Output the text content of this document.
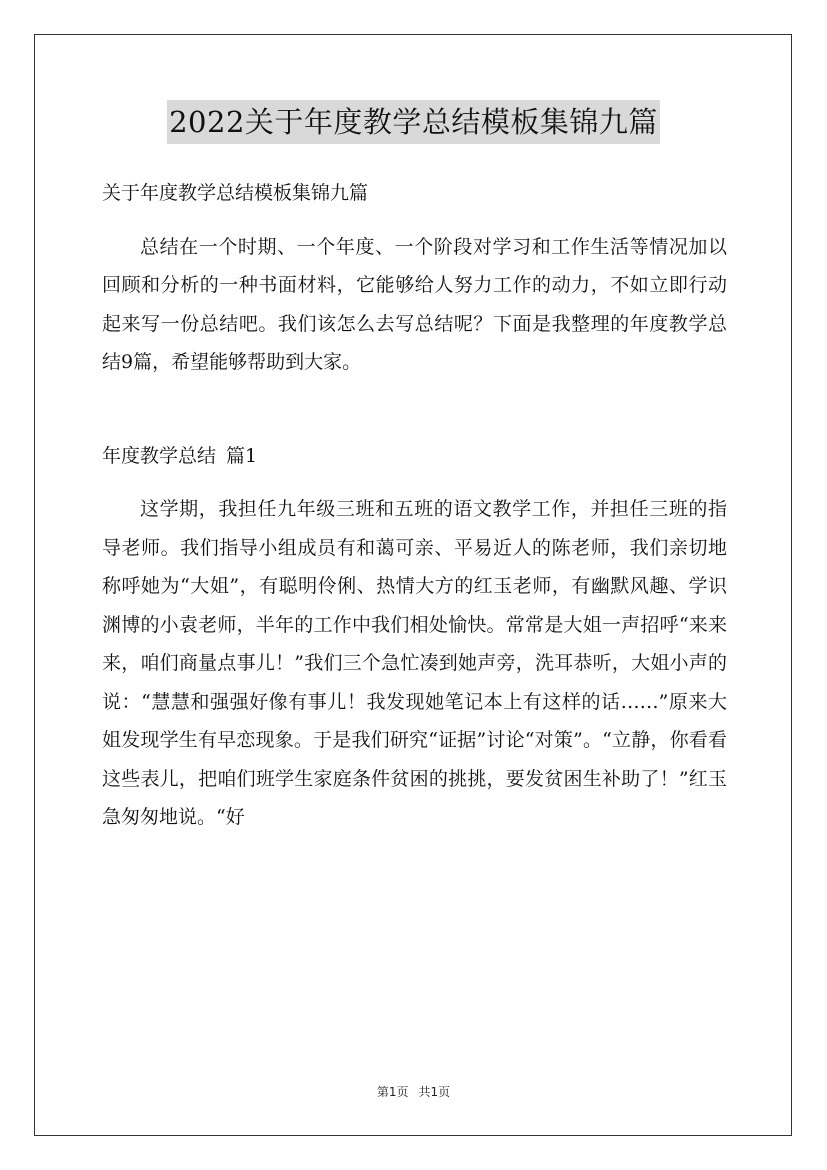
2022关于年度教学总结模板集锦九篇

关于年度教学总结模板集锦九篇

总结在一个时期、一个年度、一个阶段对学习和工作生活等情况加以回顾和分析的一种书面材料，它能够给人努力工作的动力，不如立即行动起来写一份总结吧。我们该怎么去写总结呢？下面是我整理的年度教学总结9篇，希望能够帮助到大家。

年度教学总结 篇1

这学期，我担任九年级三班和五班的语文教学工作，并担任三班的指导老师。我们指导小组成员有和蔼可亲、平易近人的陈老师，我们亲切地称呼她为“大姐”，有聪明伶俐、热情大方的红玉老师，有幽默风趣、学识渊博的小袁老师，半年的工作中我们相处愉快。常常是大姐一声招呼“来来来，咱们商量点事儿！”我们三个急忙凑到她声旁，洗耳恭听，大姐小声的说：“慧慧和强强好像有事儿！我发现她笔记本上有这样的话……”原来大姐发现学生有早恋现象。于是我们研究“证据”讨论“对策”。“立静，你看看这些表儿，把咱们班学生家庭条件贫困的挑挑，要发贫困生补助了！”红玉急匆匆地说。“好

第1页 共1页
